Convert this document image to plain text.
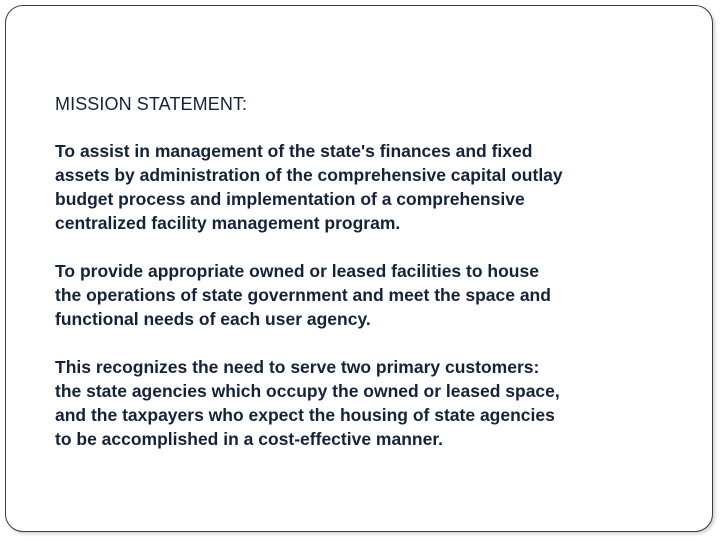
MISSION STATEMENT:
To assist in management of the state's finances and fixed
assets by administration of the comprehensive capital outlay
budget process and implementation of a comprehensive
centralized facility management program.
To provide appropriate owned or leased facilities to house
the operations of state government and meet the space and
functional needs of each user agency.
This recognizes the need to serve two primary customers:
the state agencies which occupy the owned or leased space,
and the taxpayers who expect the housing of state agencies
to be accomplished in a cost-effective manner.
